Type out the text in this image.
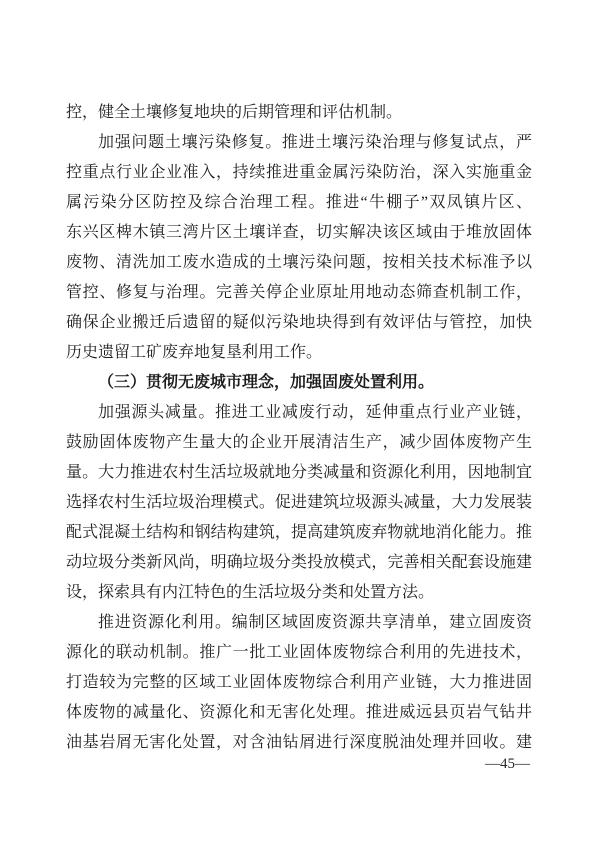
控，健全土壤修复地块的后期管理和评估机制。
加强问题土壤污染修复。推进土壤污染治理与修复试点，严
控重点行业企业准入，持续推进重金属污染防治，深入实施重金
属污染分区防控及综合治理工程。推进“牛棚子”双凤镇片区、
东兴区椑木镇三湾片区土壤详查，切实解决该区域由于堆放固体
废物、清洗加工废水造成的土壤污染问题，按相关技术标准予以
管控、修复与治理。完善关停企业原址用地动态筛查机制工作，
确保企业搬迁后遗留的疑似污染地块得到有效评估与管控，加快
历史遗留工矿废弃地复垦利用工作。
（三）贯彻无废城市理念，加强固废处置利用。
加强源头减量。推进工业减废行动，延伸重点行业产业链，
鼓励固体废物产生量大的企业开展清洁生产，减少固体废物产生
量。大力推进农村生活垃圾就地分类减量和资源化利用，因地制宜
选择农村生活垃圾治理模式。促进建筑垃圾源头减量，大力发展装
配式混凝土结构和钢结构建筑，提高建筑废弃物就地消化能力。推
动垃圾分类新风尚，明确垃圾分类投放模式，完善相关配套设施建
设，探索具有内江特色的生活垃圾分类和处置方法。
推进资源化利用。编制区域固废资源共享清单，建立固废资
源化的联动机制。推广一批工业固体废物综合利用的先进技术，
打造较为完整的区域工业固体废物综合利用产业链，大力推进固
体废物的减量化、资源化和无害化处理。推进威远县页岩气钻井
油基岩屑无害化处置，对含油钻屑进行深度脱油处理并回收。建
—45—
